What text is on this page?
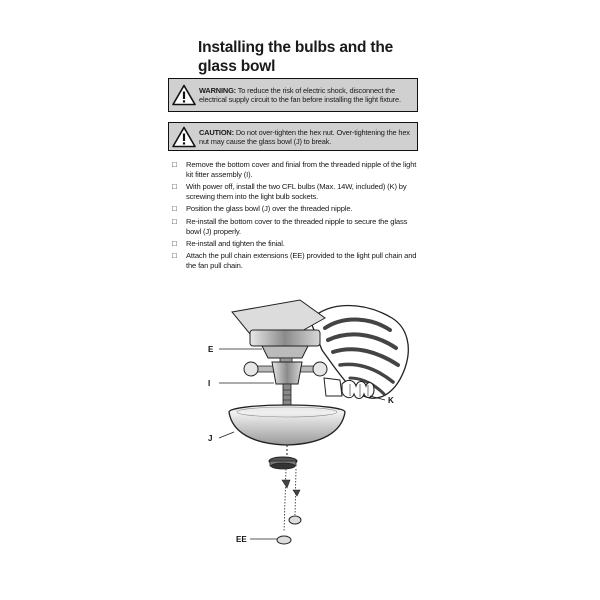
Installing the bulbs and the glass bowl
WARNING: To reduce the risk of electric shock, disconnect the electrical supply circuit to the fan before installing the light fixture.
CAUTION: Do not over-tighten the hex nut. Over-tightening the hex nut may cause the glass bowl (J) to break.
□	Remove the bottom cover and finial from the threaded nipple of the light kit fitter assembly (I).
□	With power off, install the two CFL bulbs (Max. 14W, included) (K) by screwing them into the light bulb sockets.
□	Position the glass bowl (J) over the threaded nipple.
□	Re-install the bottom cover to the threaded nipple to secure the glass bowl (J) properly.
□	Re-install and tighten the finial.
□	Attach the pull chain extensions (EE) provided to the light pull chain and the fan pull chain.
E
I
J
K
EE
